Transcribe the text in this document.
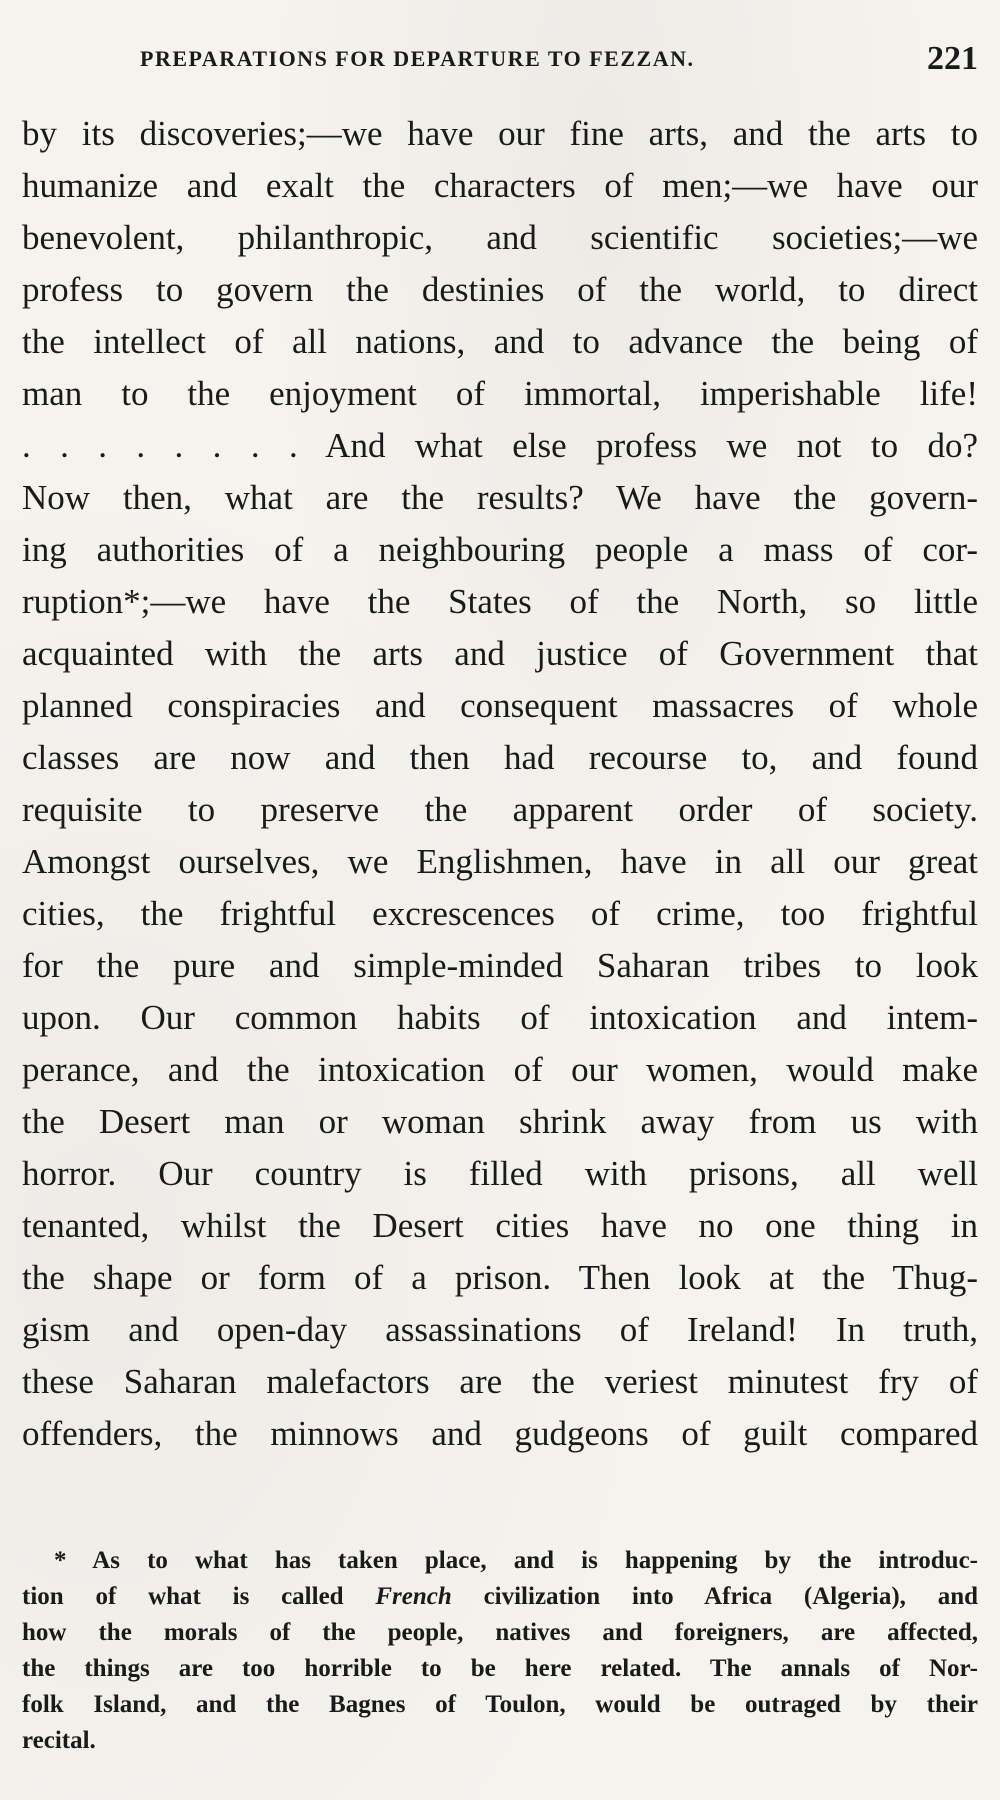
PREPARATIONS FOR DEPARTURE TO FEZZAN.	221
by its discoveries;—we have our fine arts, and the arts to
humanize and exalt the characters of men;—we have our
benevolent, philanthropic, and scientific societies;—we
profess to govern the destinies of the world, to direct
the intellect of all nations, and to advance the being of
man to the enjoyment of immortal, imperishable life!
. . . . . . . . And what else profess we not to do?
Now then, what are the results? We have the govern-
ing authorities of a neighbouring people a mass of cor-
ruption*;—we have the States of the North, so little
acquainted with the arts and justice of Government that
planned conspiracies and consequent massacres of whole
classes are now and then had recourse to, and found
requisite to preserve the apparent order of society.
Amongst ourselves, we Englishmen, have in all our great
cities, the frightful excrescences of crime, too frightful
for the pure and simple-minded Saharan tribes to look
upon. Our common habits of intoxication and intem-
perance, and the intoxication of our women, would make
the Desert man or woman shrink away from us with
horror. Our country is filled with prisons, all well
tenanted, whilst the Desert cities have no one thing in
the shape or form of a prison. Then look at the Thug-
gism and open-day assassinations of Ireland! In truth,
these Saharan malefactors are the veriest minutest fry of
offenders, the minnows and gudgeons of guilt compared
* As to what has taken place, and is happening by the introduc-
tion of what is called French civilization into Africa (Algeria), and
how the morals of the people, natives and foreigners, are affected,
the things are too horrible to be here related. The annals of Nor-
folk Island, and the Bagnes of Toulon, would be outraged by their
recital.
